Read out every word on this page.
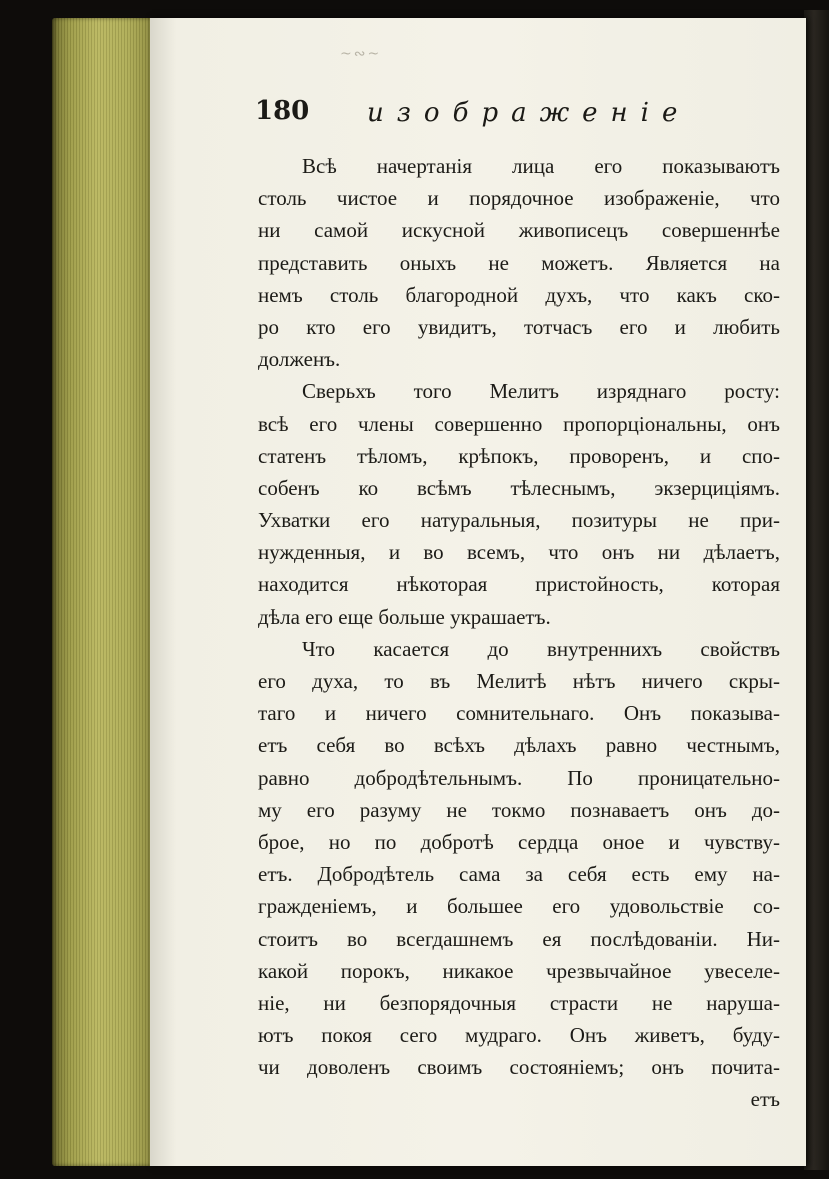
~∾~
180 изображеніе
Всѣ начертанія лица его показываютъ
столь чистое и порядочное изображеніе, что
ни самой искусной живописецъ совершеннѣе
представить оныхъ не можетъ. Является на
немъ столь благородной духъ, что какъ ско-
ро кто его увидитъ, тотчасъ его и любить
долженъ.
Сверьхъ того Мелитъ изряднаго росту:
всѣ его члены совершенно пропорціональны, онъ
статенъ тѣломъ, крѣпокъ, проворенъ, и спо-
собенъ ко всѣмъ тѣлеснымъ, экзерциціямъ.
Ухватки его натуральныя, позитуры не при-
нужденныя, и во всемъ, что онъ ни дѣлаетъ,
находится нѣкоторая пристойность, которая
дѣла его еще больше украшаетъ.
Что касается до внутреннихъ свойствъ
его духа, то въ Мелитѣ нѣтъ ничего скры-
таго и ничего сомнительнаго. Онъ показыва-
етъ себя во всѣхъ дѣлахъ равно честнымъ,
равно добродѣтельнымъ. По проницательно-
му его разуму не токмо познаваетъ онъ до-
брое, но по добротѣ сердца оное и чувству-
етъ. Добродѣтель сама за себя есть ему на-
гражденіемъ, и большее его удовольствіе со-
стоитъ во всегдашнемъ ея послѣдованіи. Ни-
какой порокъ, никакое чрезвычайное увеселе-
ніе, ни безпорядочныя страсти не наруша-
ютъ покоя сего мудраго. Онъ живетъ, буду-
чи доволенъ своимъ состояніемъ; онъ почита-
етъ
